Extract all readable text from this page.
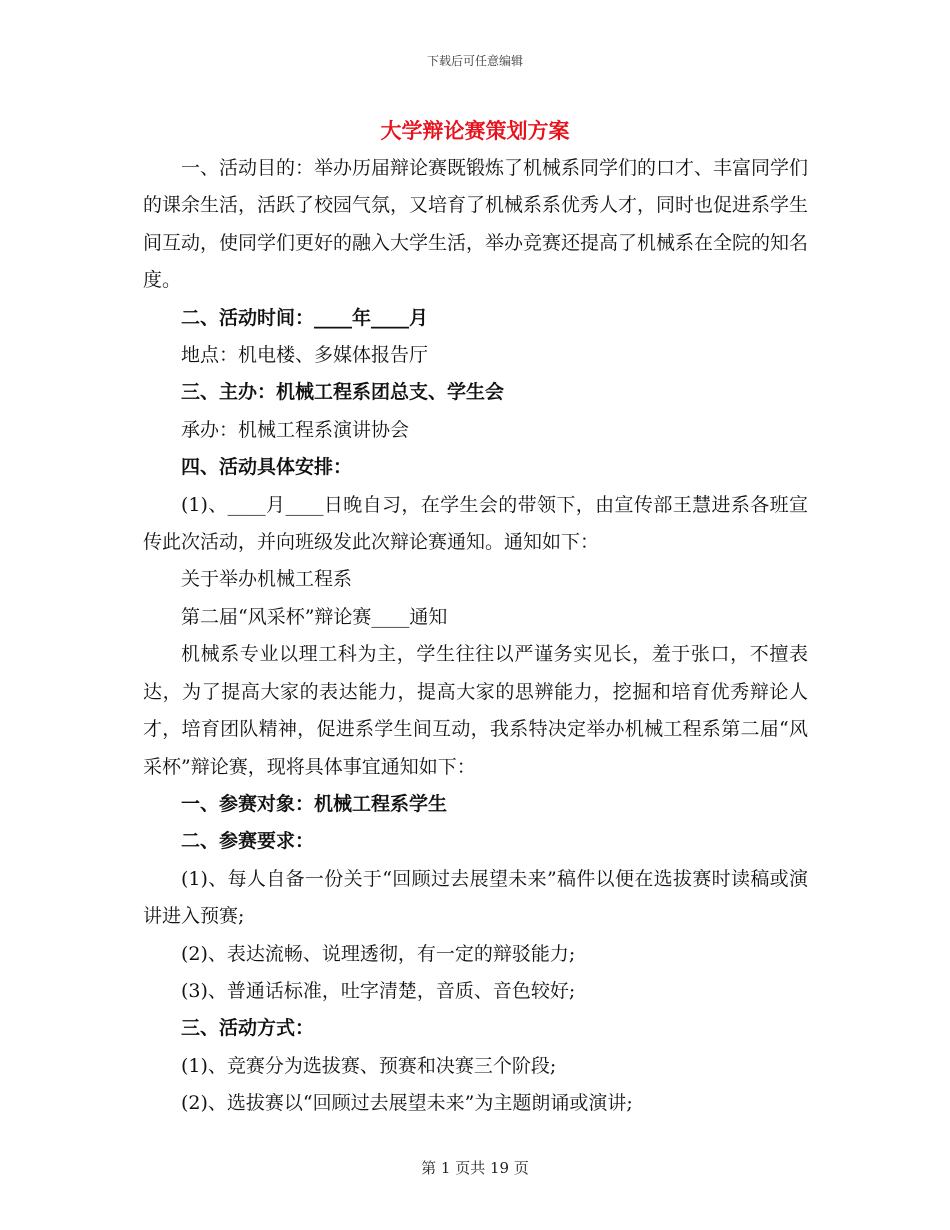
下载后可任意编辑
大学辩论赛策划方案

一、活动目的：举办历届辩论赛既锻炼了机械系同学们的口才、丰富同学们的课余生活，活跃了校园气氛，又培育了机械系系优秀人才，同时也促进系学生间互动，使同学们更好的融入大学生活，举办竞赛还提高了机械系在全院的知名度。

二、活动时间：____年____月

地点：机电楼、多媒体报告厅

三、主办：机械工程系团总支、学生会

承办：机械工程系演讲协会

四、活动具体安排：

(1)、____月____日晚自习，在学生会的带领下，由宣传部王慧进系各班宣传此次活动，并向班级发此次辩论赛通知。通知如下：

关于举办机械工程系

第二届“风采杯”辩论赛____通知

机械系专业以理工科为主，学生往往以严谨务实见长，羞于张口，不擅表达，为了提高大家的表达能力，提高大家的思辨能力，挖掘和培育优秀辩论人才，培育团队精神，促进系学生间互动，我系特决定举办机械工程系第二届“风采杯”辩论赛，现将具体事宜通知如下：

一、参赛对象：机械工程系学生

二、参赛要求：

(1)、每人自备一份关于“回顾过去展望未来”稿件以便在选拔赛时读稿或演讲进入预赛;

(2)、表达流畅、说理透彻，有一定的辩驳能力;

(3)、普通话标准，吐字清楚，音质、音色较好;

三、活动方式：

(1)、竞赛分为选拔赛、预赛和决赛三个阶段;

(2)、选拔赛以“回顾过去展望未来”为主题朗诵或演讲;

第 1 页共 19 页
